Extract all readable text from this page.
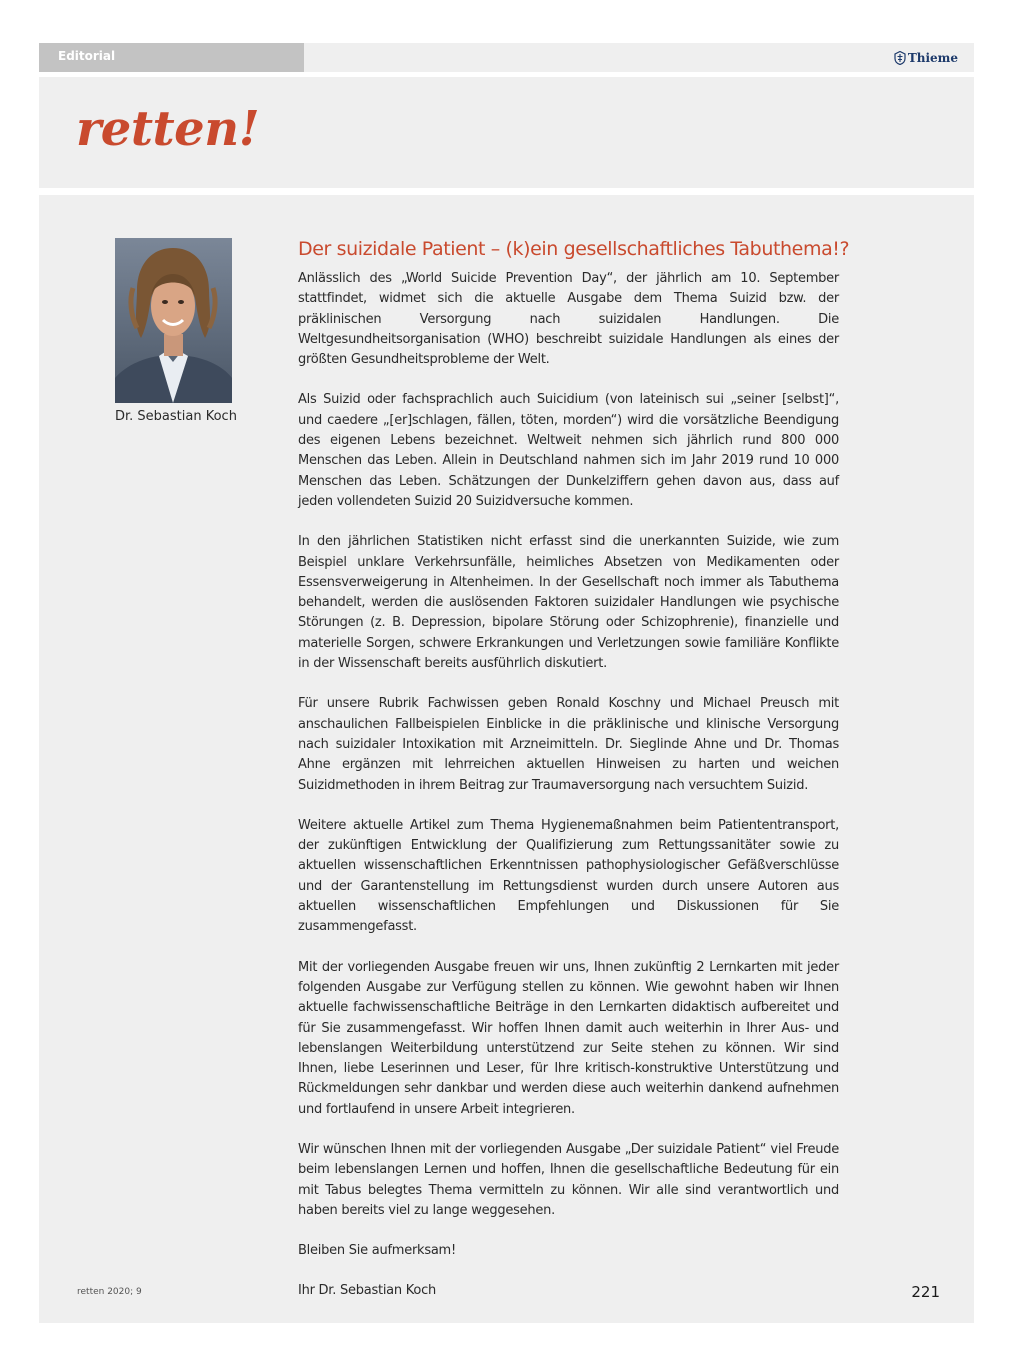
Editorial	Thieme
retten!
Dr. Sebastian Koch
Der suizidale Patient – (k)ein gesellschaftliches Tabuthema!?

Anlässlich des „World Suicide Prevention Day“, der jährlich am 10. September stattfindet, widmet sich die aktuelle Ausgabe dem Thema Suizid bzw. der präklinischen Versorgung nach suizidalen Handlungen. Die Weltgesundheitsorganisation (WHO) beschreibt suizidale Handlungen als eines der größten Gesundheitsprobleme der Welt.

Als Suizid oder fachsprachlich auch Suicidium (von lateinisch sui „seiner [selbst]“, und caedere „[er]schlagen, fällen, töten, morden“) wird die vorsätzliche Beendigung des eigenen Lebens bezeichnet. Weltweit nehmen sich jährlich rund 800 000 Menschen das Leben. Allein in Deutschland nahmen sich im Jahr 2019 rund 10 000 Menschen das Leben. Schätzungen der Dunkelziffern gehen davon aus, dass auf jeden vollendeten Suizid 20 Suizidversuche kommen.

In den jährlichen Statistiken nicht erfasst sind die unerkannten Suizide, wie zum Beispiel unklare Verkehrsunfälle, heimliches Absetzen von Medikamenten oder Essensverweigerung in Altenheimen. In der Gesellschaft noch immer als Tabuthema behandelt, werden die auslösenden Faktoren suizidaler Handlungen wie psychische Störungen (z. B. Depression, bipolare Störung oder Schizophrenie), finanzielle und materielle Sorgen, schwere Erkrankungen und Verletzungen sowie familiäre Konflikte in der Wissenschaft bereits ausführlich diskutiert.

Für unsere Rubrik Fachwissen geben Ronald Koschny und Michael Preusch mit anschaulichen Fallbeispielen Einblicke in die präklinische und klinische Versorgung nach suizidaler Intoxikation mit Arzneimitteln. Dr. Sieglinde Ahne und Dr. Thomas Ahne ergänzen mit lehrreichen aktuellen Hinweisen zu harten und weichen Suizidmethoden in ihrem Beitrag zur Traumaversorgung nach versuchtem Suizid.

Weitere aktuelle Artikel zum Thema Hygienemaßnahmen beim Patiententransport, der zukünftigen Entwicklung der Qualifizierung zum Rettungssanitäter sowie zu aktuellen wissenschaftlichen Erkenntnissen pathophysiologischer Gefäßverschlüsse und der Garantenstellung im Rettungsdienst wurden durch unsere Autoren aus aktuellen wissenschaftlichen Empfehlungen und Diskussionen für Sie zusammengefasst.

Mit der vorliegenden Ausgabe freuen wir uns, Ihnen zukünftig 2 Lernkarten mit jeder folgenden Ausgabe zur Verfügung stellen zu können. Wie gewohnt haben wir Ihnen aktuelle fachwissenschaftliche Beiträge in den Lernkarten didaktisch aufbereitet und für Sie zusammengefasst. Wir hoffen Ihnen damit auch weiterhin in Ihrer Aus- und lebenslangen Weiterbildung unterstützend zur Seite stehen zu können. Wir sind Ihnen, liebe Leserinnen und Leser, für Ihre kritisch-konstruktive Unterstützung und Rückmeldungen sehr dankbar und werden diese auch weiterhin dankend aufnehmen und fortlaufend in unsere Arbeit integrieren.

Wir wünschen Ihnen mit der vorliegenden Ausgabe „Der suizidale Patient“ viel Freude beim lebenslangen Lernen und hoffen, Ihnen die gesellschaftliche Bedeutung für ein mit Tabus belegtes Thema vermitteln zu können. Wir alle sind verantwortlich und haben bereits viel zu lange weggesehen.

Bleiben Sie aufmerksam!

Ihr Dr. Sebastian Koch

retten 2020; 9	221
